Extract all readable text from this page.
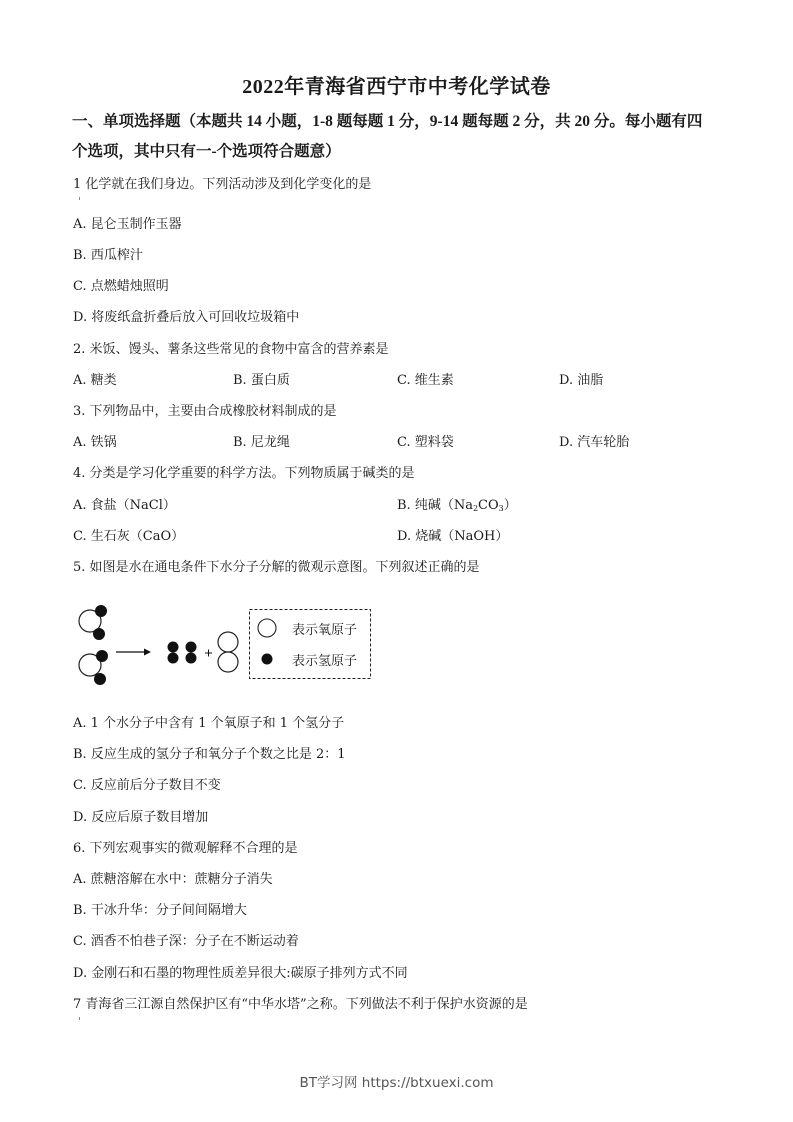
2022年青海省西宁市中考化学试卷
一、单项选择题（本题共 14 小题，1-8 题每题 1 分，9-14 题每题 2 分，共 20 分。每小题有四
个选项，其中只有一-个选项符合题意）
1 化学就在我们身边。下列活动涉及到化学变化的是
A. 昆仑玉制作玉器
B. 西瓜榨汁
C. 点燃蜡烛照明
D. 将废纸盒折叠后放入可回收垃圾箱中
2. 米饭、馒头、薯条这些常见的食物中富含的营养素是
A. 糖类	B. 蛋白质	C. 维生素	D. 油脂
3. 下列物品中，主要由合成橡胶材料制成的是
A. 铁锅	B. 尼龙绳	C. 塑料袋	D. 汽车轮胎
4. 分类是学习化学重要的科学方法。下列物质属于碱类的是
A. 食盐（NaCl）	B. 纯碱$(Na_2CO_3)$
C. 生石灰（CaO）	D. 烧碱（NaOH）
5. 如图是水在通电条件下水分子分解的微观示意图。下列叙述正确的是
表示氧原子
表示氢原子
A. 1 个水分子中含有 1 个氧原子和 1 个氢分子
B. 反应生成的氢分子和氧分子个数之比是 2：1
C. 反应前后分子数目不变
D. 反应后原子数目增加
6. 下列宏观事实的微观解释不合理的是
A. 蔗糖溶解在水中：蔗糖分子消失
B. 干冰升华：分子间间隔增大
C. 酒香不怕巷子深：分子在不断运动着
D. 金刚石和石墨的物理性质差异很大:碳原子排列方式不同
7 青海省三江源自然保护区有“中华水塔”之称。下列做法不利于保护水资源的是
BT学习网 https://btxuexi.com
